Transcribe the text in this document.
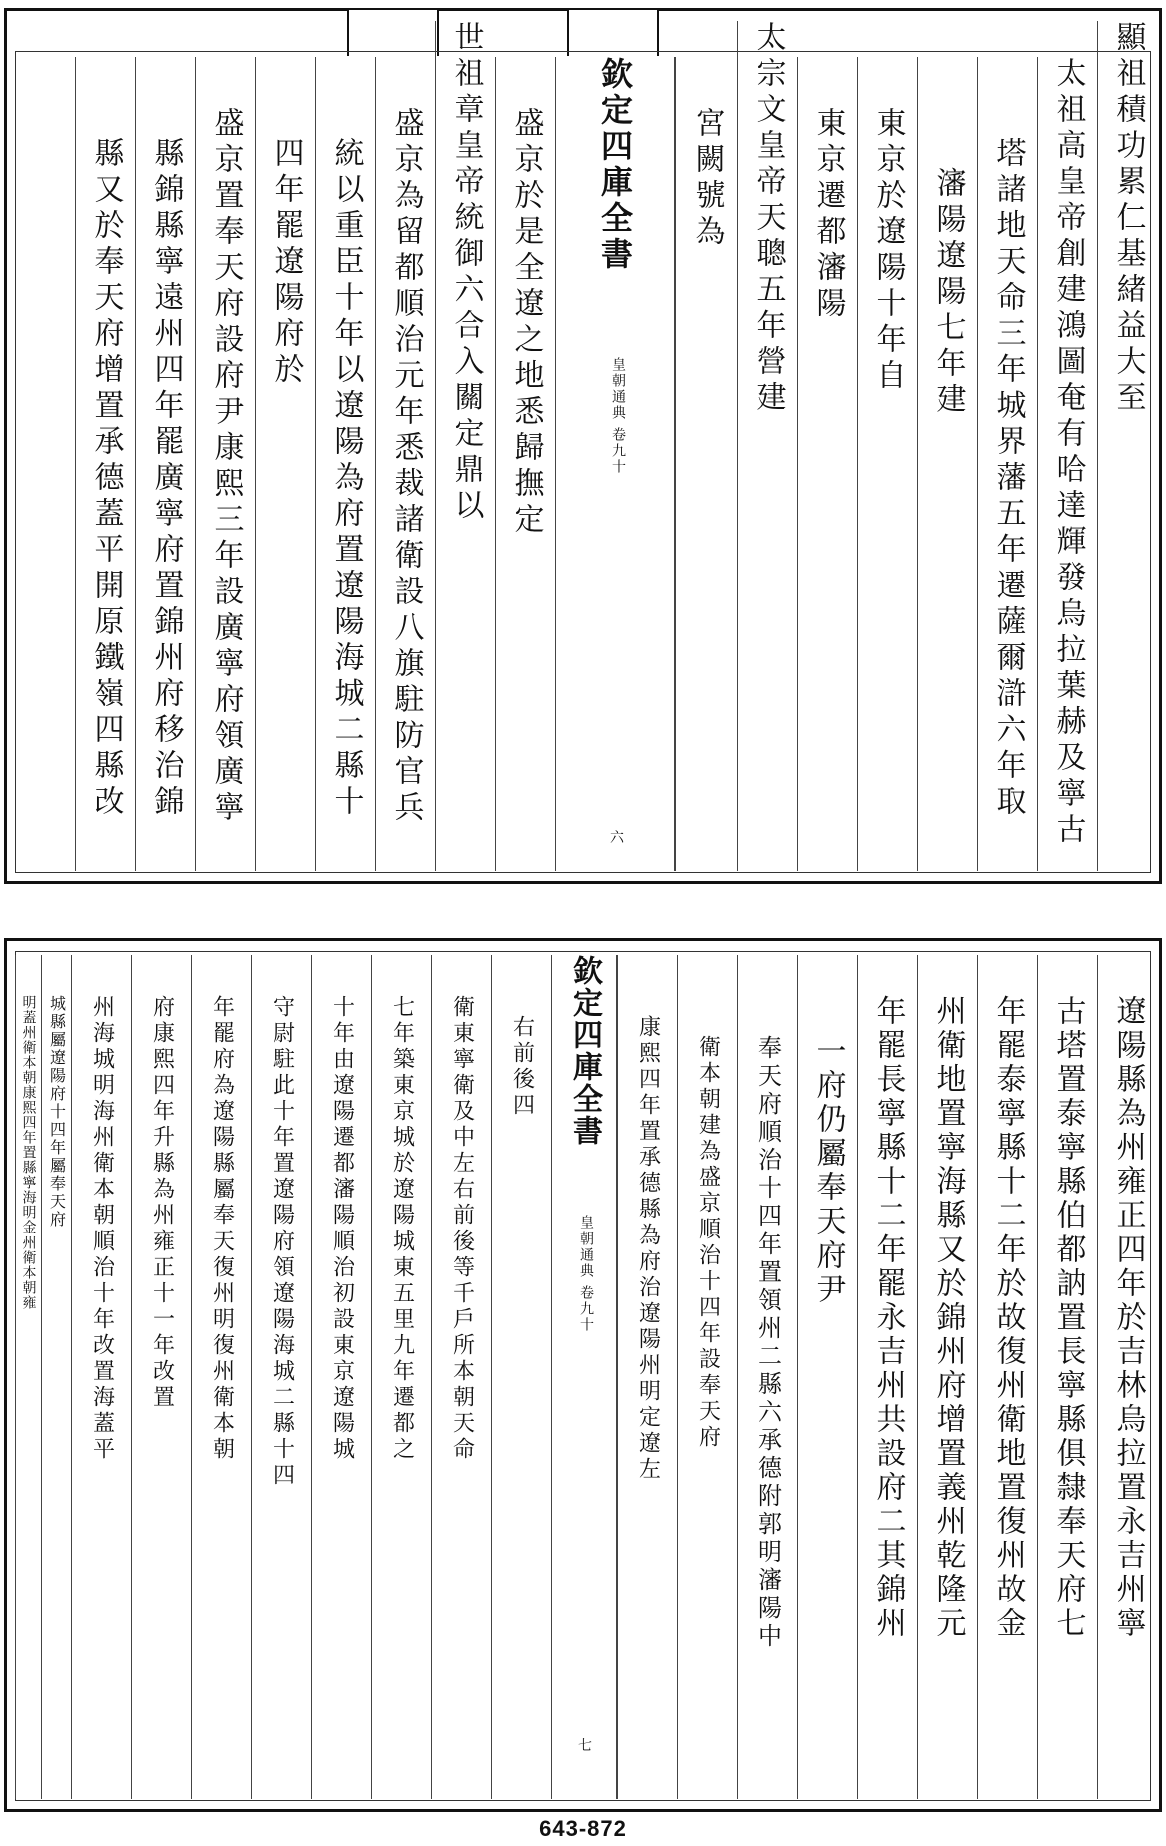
顯祖積功累仁基緒益大至
太祖高皇帝創建鴻圖奄有哈達輝發烏拉葉赫及寧古
塔諸地天命三年城界藩五年遷薩爾滸六年取
瀋陽遼陽七年建
東京於遼陽十年自
東京遷都瀋陽
太宗文皇帝天聰五年營建
宮闕號為
欽定四庫全書
皇朝通典
卷九十
六
盛京於是全遼之地悉歸撫定
世祖章皇帝統御六合入關定鼎以
盛京為留都順治元年悉裁諸衛設八旗駐防官兵
統以重臣十年以遼陽為府置遼陽海城二縣十
四年罷遼陽府於
盛京置奉天府設府尹康熙三年設廣寧府領廣寧
縣錦縣寧遠州四年罷廣寧府置錦州府移治錦
縣又於奉天府增置承德蓋平開原鐵嶺四縣改
遼陽縣為州雍正四年於吉林烏拉置永吉州寧
古塔置泰寧縣伯都訥置長寧縣俱隸奉天府七
年罷泰寧縣十二年於故復州衛地置復州故金
州衛地置寧海縣又於錦州府增置義州乾隆元
年罷長寧縣十二年罷永吉州共設府二其錦州
一府仍屬奉天府尹
奉天府順治十四年置領州二縣六承德附郭明瀋陽中
衛本朝建為盛京順治十四年設奉天府
康熙四年置承德縣為府治遼陽州明定遼左
欽定四庫全書
皇朝通典
卷九十
七
右前後四
衛東寧衛及中左右前後等千戶所本朝天命
七年築東京城於遼陽城東五里九年遷都之
十年由遼陽遷都瀋陽順治初設東京遼陽城
守尉駐此十年置遼陽府領遼陽海城二縣十四
年罷府為遼陽縣屬奉天復州明復州衛本朝
府康熙四年升縣為州雍正十一年改置
州海城明海州衛本朝順治十年改置海蓋平
城縣屬遼陽府十四年屬奉天府
明蓋州衛本朝康熙四年置縣寧海明金州衛本朝雍
643-872
